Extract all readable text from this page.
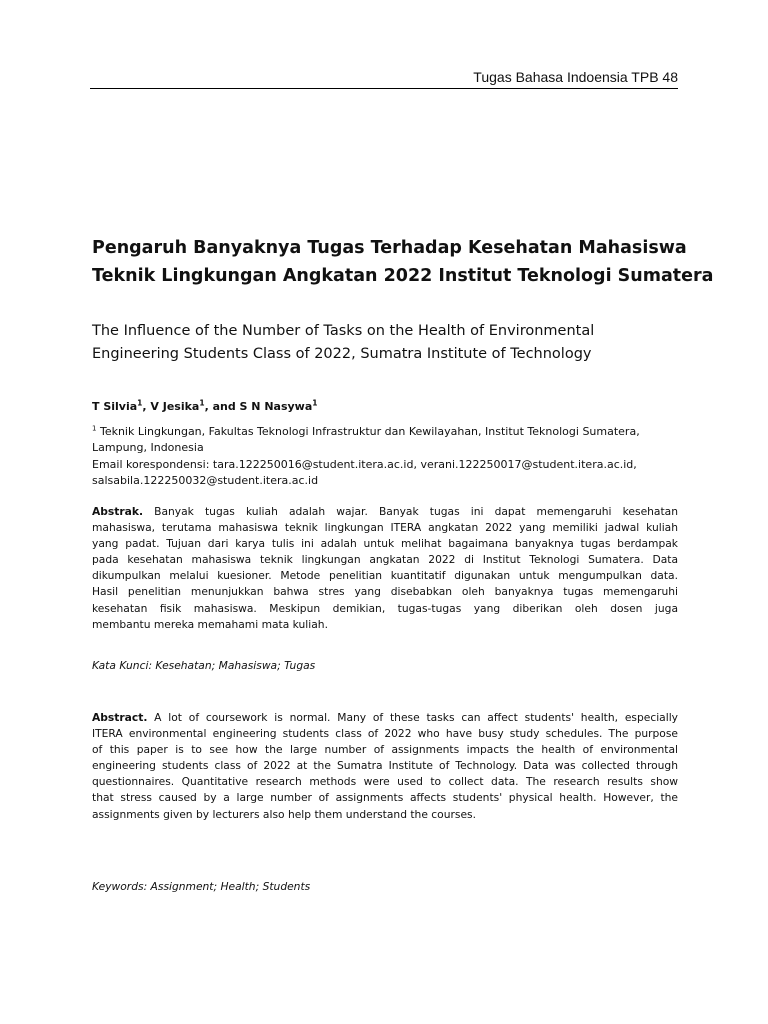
Tugas Bahasa Indoensia TPB 48
Pengaruh Banyaknya Tugas Terhadap Kesehatan Mahasiswa
Teknik Lingkungan Angkatan 2022 Institut Teknologi Sumatera
The Influence of the Number of Tasks on the Health of Environmental
Engineering Students Class of 2022, Sumatra Institute of Technology
T Silvia$^1$, V Jesika$^1$, and S N Nasywa$^1$
$^1$ Teknik Lingkungan, Fakultas Teknologi Infrastruktur dan Kewilayahan, Institut Teknologi Sumatera,
Lampung, Indonesia
Email korespondensi: tara.122250016@student.itera.ac.id, verani.122250017@student.itera.ac.id,
salsabila.122250032@student.itera.ac.id
Abstrak. Banyak tugas kuliah adalah wajar. Banyak tugas ini dapat memengaruhi kesehatan
mahasiswa, terutama mahasiswa teknik lingkungan ITERA angkatan 2022 yang memiliki jadwal kuliah
yang padat. Tujuan dari karya tulis ini adalah untuk melihat bagaimana banyaknya tugas berdampak
pada kesehatan mahasiswa teknik lingkungan angkatan 2022 di Institut Teknologi Sumatera. Data
dikumpulkan melalui kuesioner. Metode penelitian kuantitatif digunakan untuk mengumpulkan data.
Hasil penelitian menunjukkan bahwa stres yang disebabkan oleh banyaknya tugas memengaruhi
kesehatan fisik mahasiswa. Meskipun demikian, tugas-tugas yang diberikan oleh dosen juga
membantu mereka memahami mata kuliah.
Kata Kunci: Kesehatan; Mahasiswa; Tugas
Abstract. A lot of coursework is normal. Many of these tasks can affect students' health, especially
ITERA environmental engineering students class of 2022 who have busy study schedules. The purpose
of this paper is to see how the large number of assignments impacts the health of environmental
engineering students class of 2022 at the Sumatra Institute of Technology. Data was collected through
questionnaires. Quantitative research methods were used to collect data. The research results show
that stress caused by a large number of assignments affects students' physical health. However, the
assignments given by lecturers also help them understand the courses.
Keywords: Assignment; Health; Students
